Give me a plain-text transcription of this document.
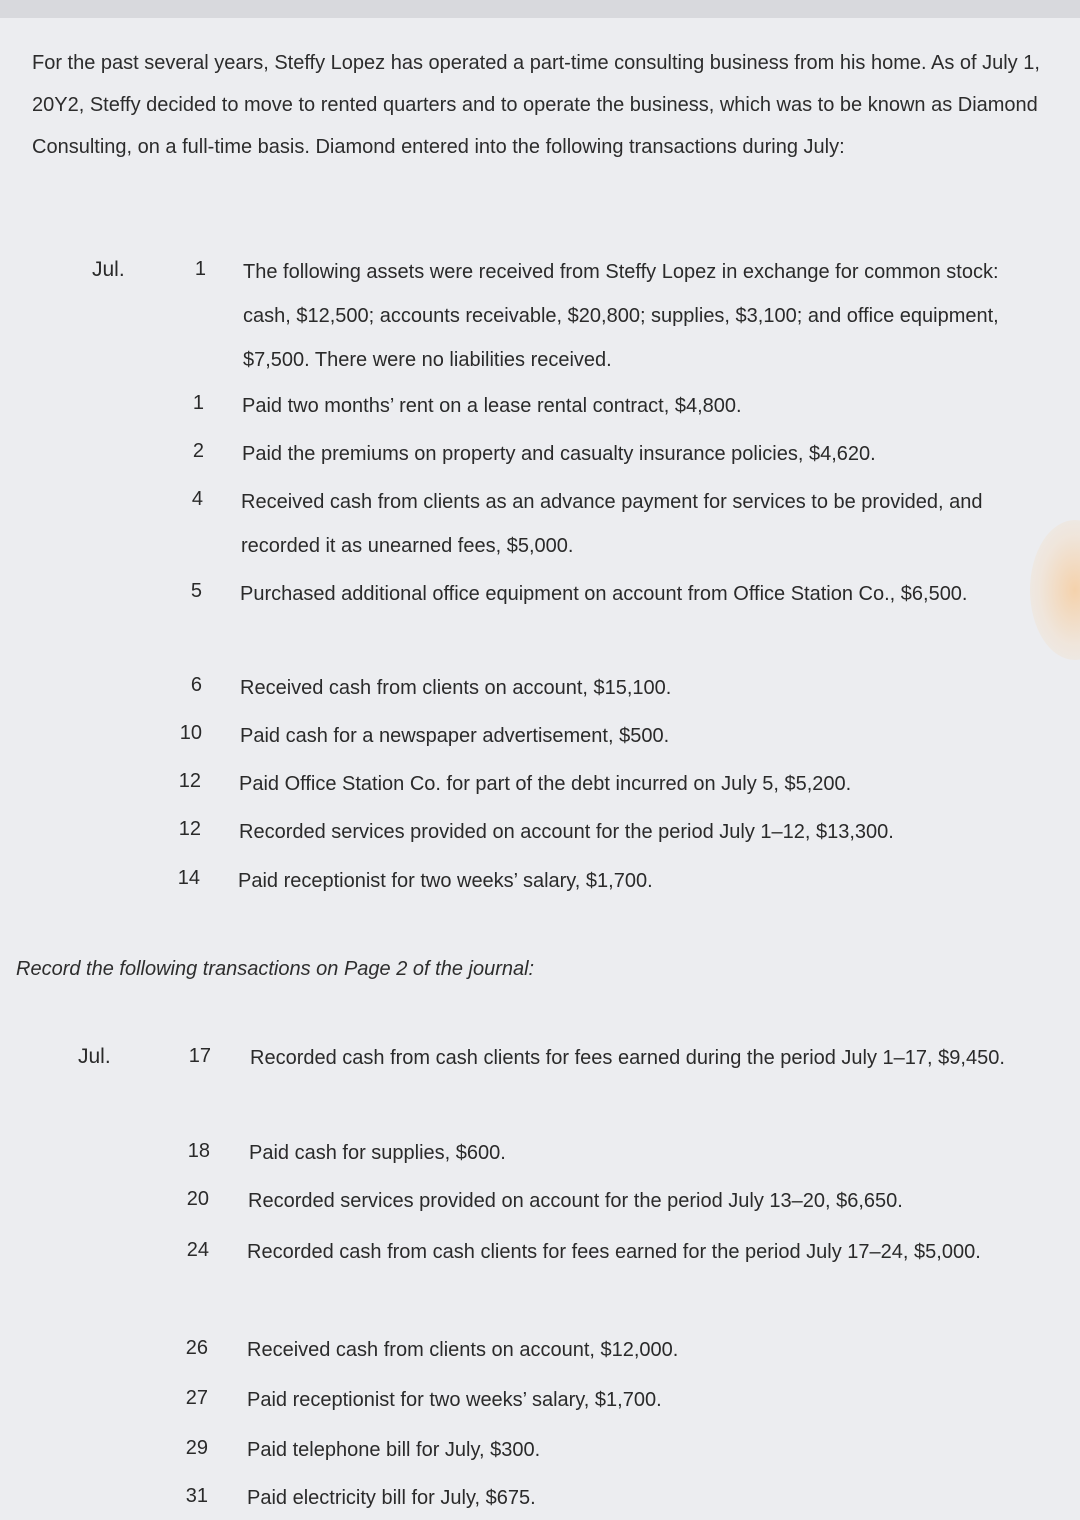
For the past several years, Steffy Lopez has operated a part-time consulting business from his home. As of July 1, 20Y2, Steffy decided to move to rented quarters and to operate the business, which was to be known as Diamond Consulting, on a full-time basis. Diamond entered into the following transactions during July:
Jul.	1 The following assets were received from Steffy Lopez in exchange for common stock: cash, $12,500; accounts receivable, $20,800; supplies, $3,100; and office equipment, $7,500. There were no liabilities received.
1 Paid two months’ rent on a lease rental contract, $4,800.
2 Paid the premiums on property and casualty insurance policies, $4,620.
4 Received cash from clients as an advance payment for services to be provided, and recorded it as unearned fees, $5,000.
5 Purchased additional office equipment on account from Office Station Co., $6,500.
6 Received cash from clients on account, $15,100.
10 Paid cash for a newspaper advertisement, $500.
12 Paid Office Station Co. for part of the debt incurred on July 5, $5,200.
12 Recorded services provided on account for the period July 1–12, $13,300.
14 Paid receptionist for two weeks’ salary, $1,700.
Record the following transactions on Page 2 of the journal:
Jul.	17 Recorded cash from cash clients for fees earned during the period July 1–17, $9,450.
18 Paid cash for supplies, $600.
20 Recorded services provided on account for the period July 13–20, $6,650.
24 Recorded cash from cash clients for fees earned for the period July 17–24, $5,000.
26 Received cash from clients on account, $12,000.
27 Paid receptionist for two weeks’ salary, $1,700.
29 Paid telephone bill for July, $300.
31 Paid electricity bill for July, $675.
